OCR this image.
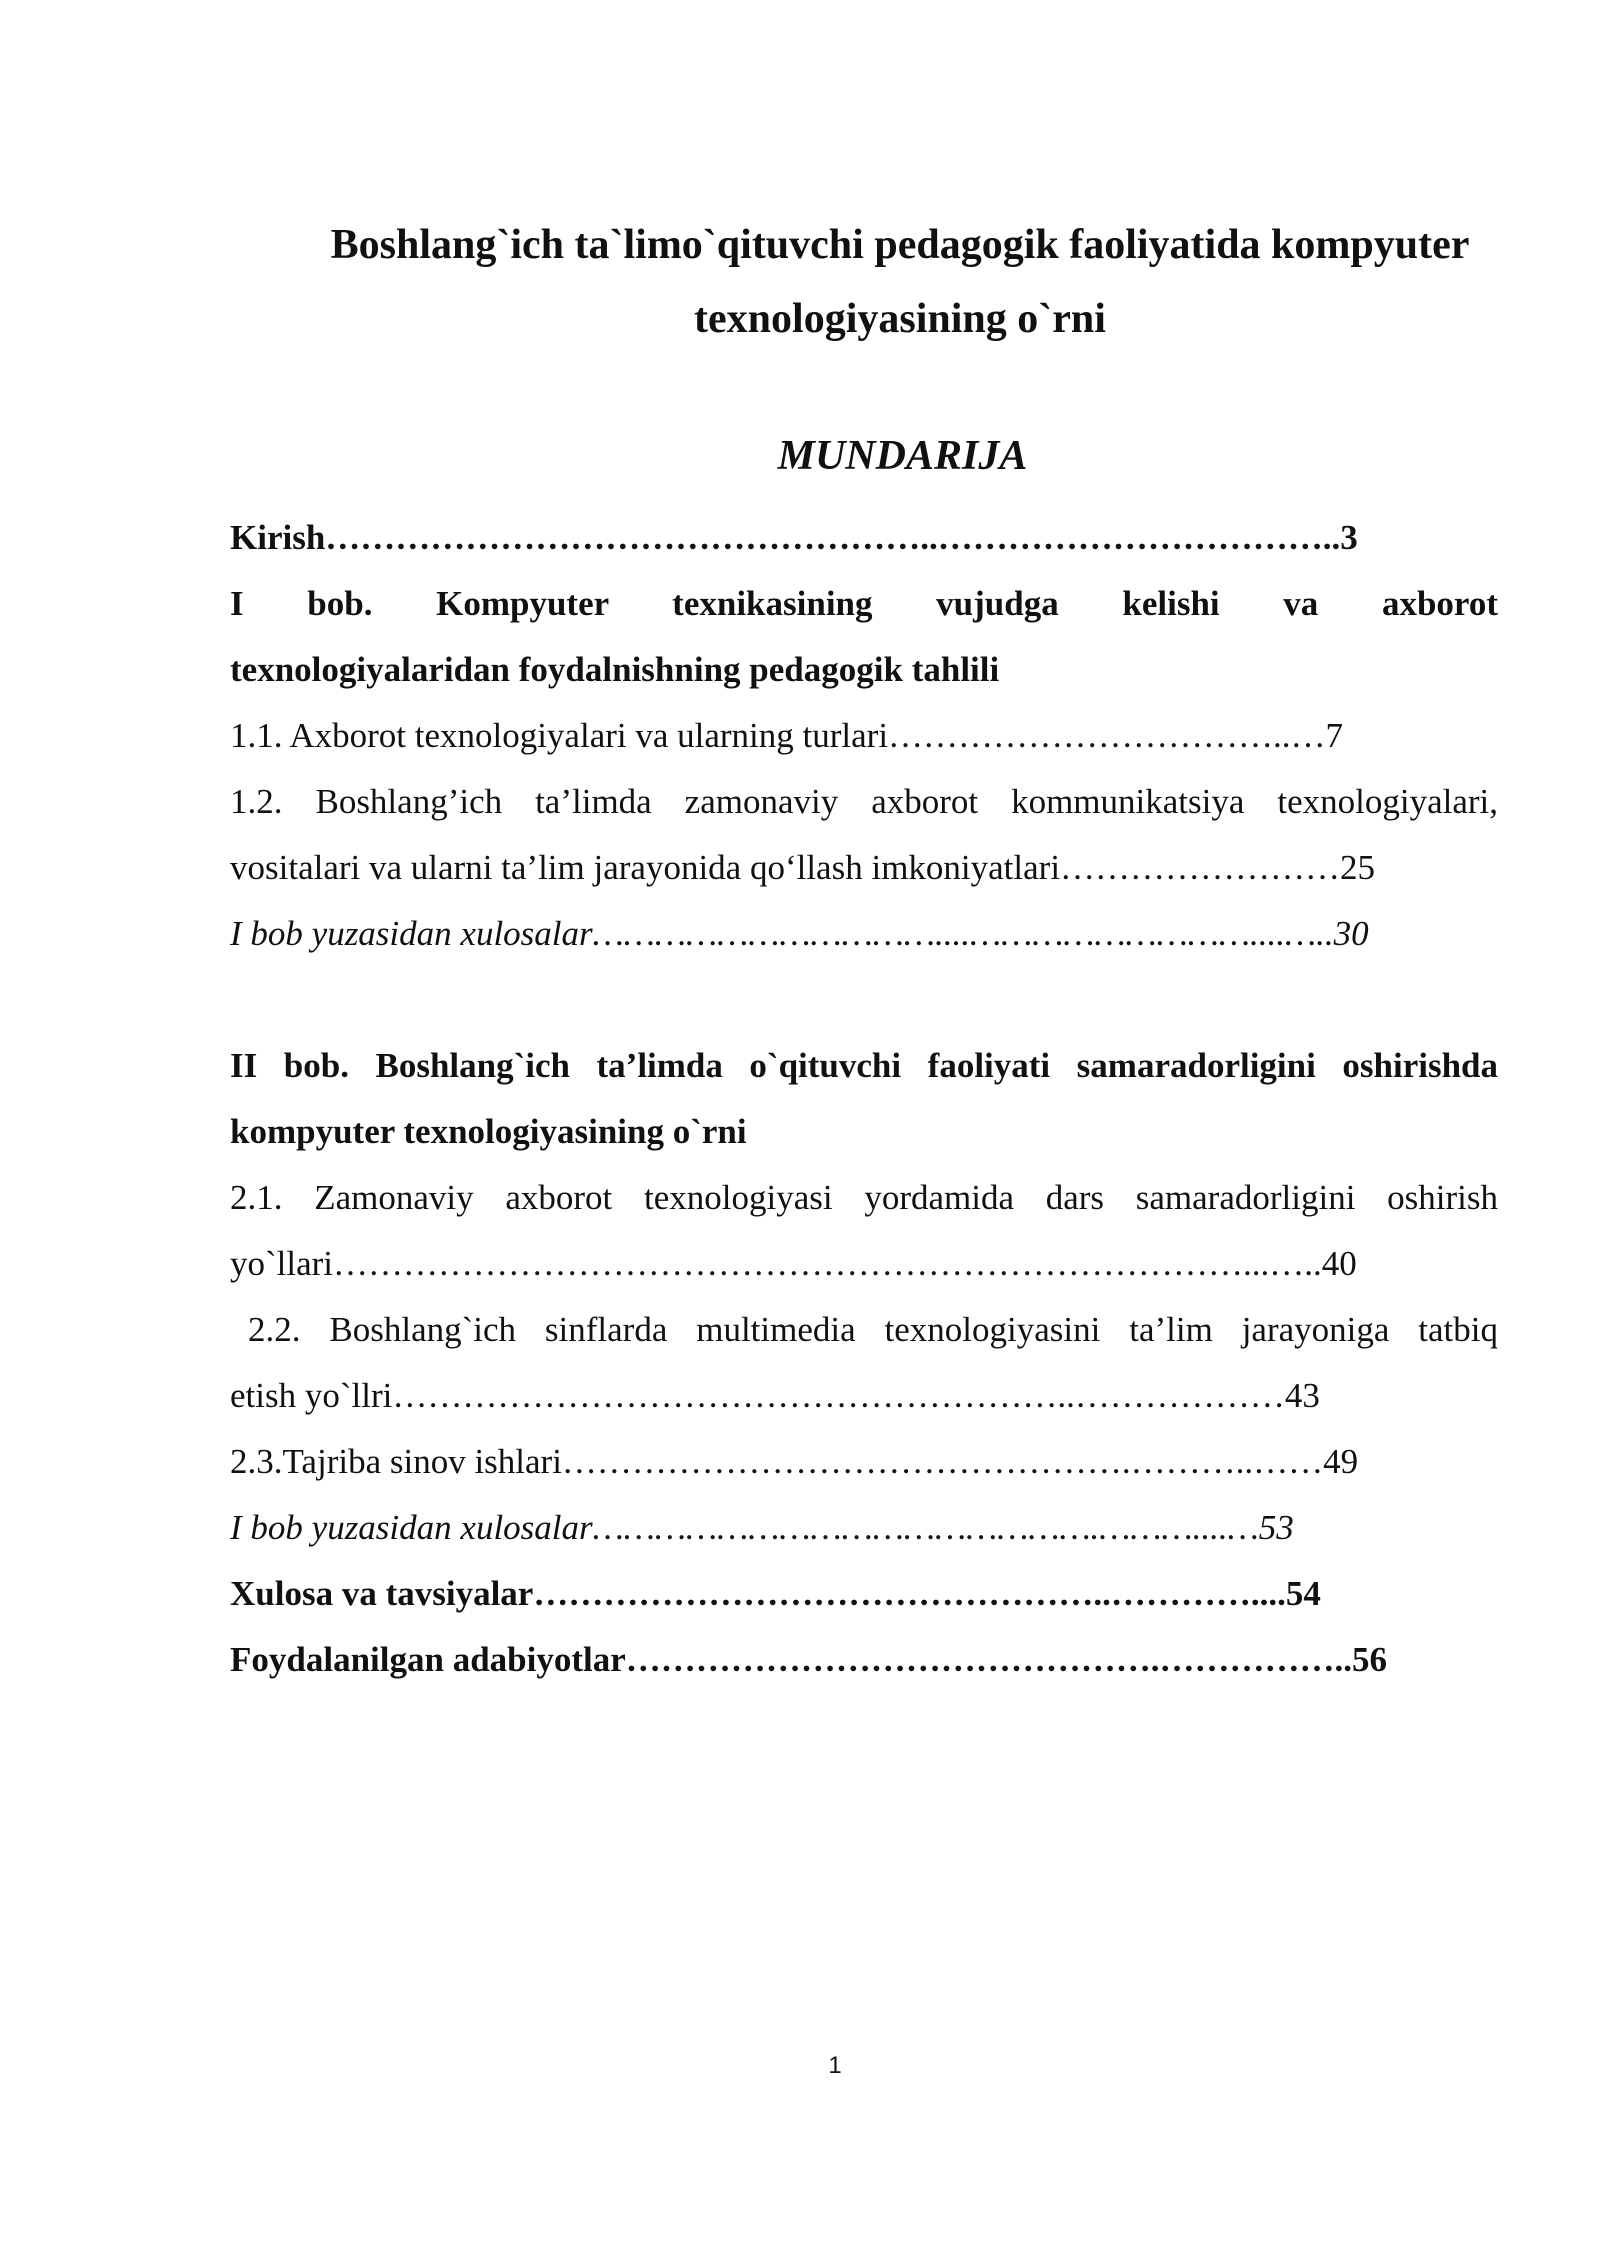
Boshlang`ich ta`limo`qituvchi pedagogik faoliyatida kompyuter
texnologiyasining o`rni
MUNDARIJA
Kirish……………………………………………..……………………………..3
I bob. Kompyuter texnikasining vujudga kelishi va axborot
texnologiyalaridan foydalnishning pedagogik tahlili
1.1. Axborot texnologiyalari va ularning turlari……………………………..…7
1.2. Boshlang’ich ta’limda zamonaviy axborot kommunikatsiya texnologiyalari,
vositalari va ularni ta’lim jarayonida qo‘llash imkoniyatlari……………………25
I bob yuzasidan xulosalar……………………………....………………………....…..30
II bob. Boshlang`ich ta’limda o`qituvchi faoliyati samaradorligini oshirishda
kompyuter texnologiyasining o`rni
2.1. Zamonaviy axborot texnologiyasi yordamida dars samaradorligini oshirish
yo`llari……………………………………………………………………...…..40
2.2. Boshlang`ich sinflarda multimedia texnologiyasini ta’lim jarayoniga tatbiq
etish yo`llri…………………………………………………..………………43
2.3.Tajriba sinov ishlari………………………………………….………..……49
I bob yuzasidan xulosalar………………………………………….………....…53
Xulosa va tavsiyalar…………………………………………..…………....54
Foydalanilgan adabiyotlar……………………………………….……………..56
1
